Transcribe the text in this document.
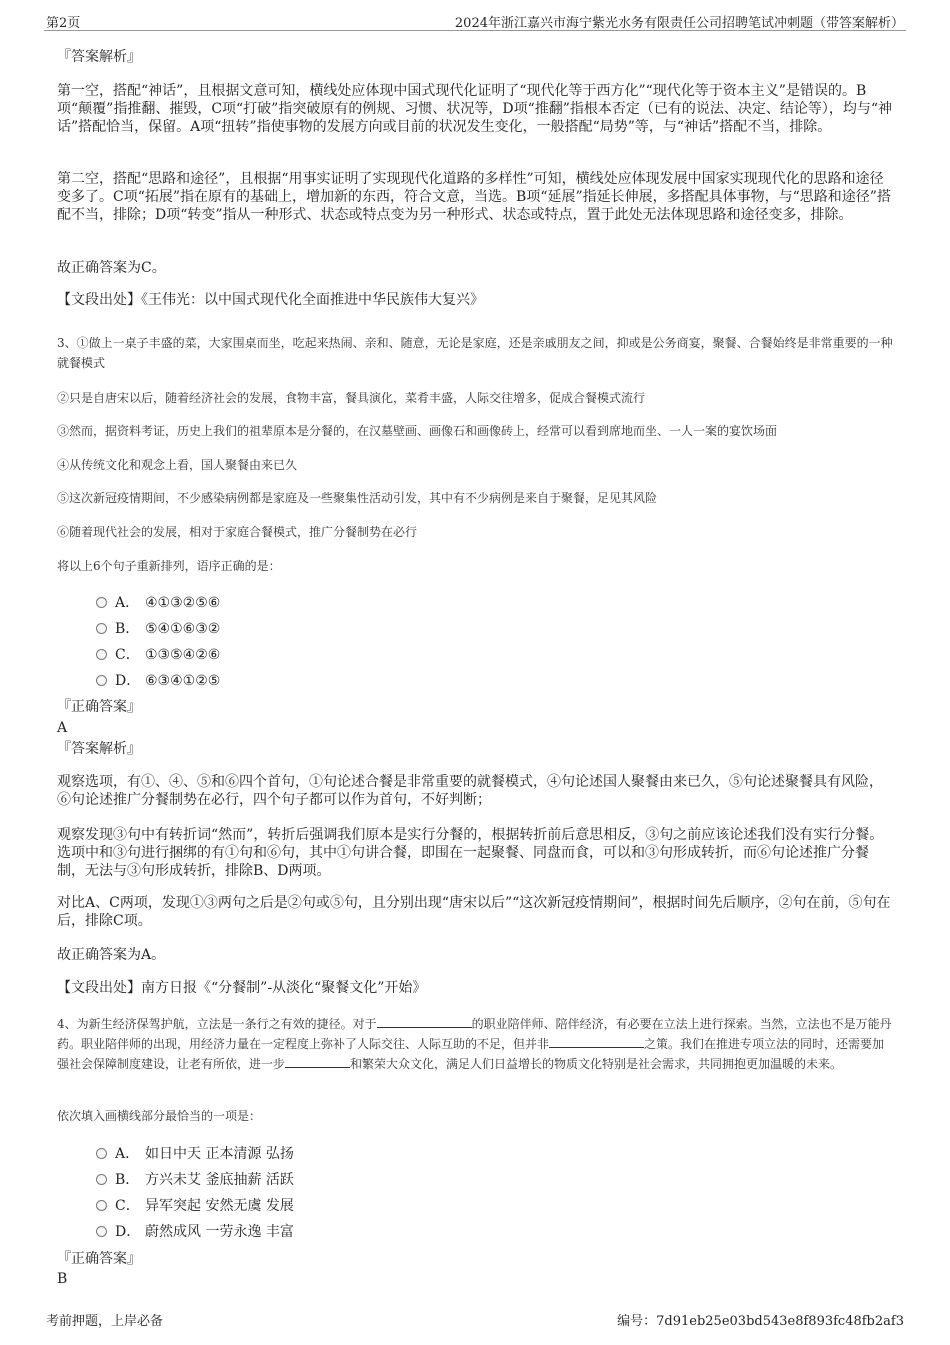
第2页	2024年浙江嘉兴市海宁紫光水务有限责任公司招聘笔试冲刺题（带答案解析）
『答案解析』
第一空，搭配“神话”，且根据文意可知，横线处应体现中国式现代化证明了“现代化等于西方化”“现代化等于资本主义”是错误的。B项“颠覆”指推翻、摧毁，C项“打破”指突破原有的例规、习惯、状况等，D项“推翻”指根本否定（已有的说法、决定、结论等），均与“神话”搭配恰当，保留。A项“扭转”指使事物的发展方向或目前的状况发生变化，一般搭配“局势”等，与“神话”搭配不当，排除。
第二空，搭配“思路和途径”，且根据“用事实证明了实现现代化道路的多样性”可知，横线处应体现发展中国家实现现代化的思路和途径变多了。C项“拓展”指在原有的基础上，增加新的东西，符合文意，当选。B项“延展”指延长伸展，多搭配具体事物，与“思路和途径”搭配不当，排除；D项“转变”指从一种形式、状态或特点变为另一种形式、状态或特点，置于此处无法体现思路和途径变多，排除。
故正确答案为C。
【文段出处】《王伟光：以中国式现代化全面推进中华民族伟大复兴》
3、①做上一桌子丰盛的菜，大家围桌而坐，吃起来热闹、亲和、随意，无论是家庭，还是亲戚朋友之间，抑或是公务商宴，聚餐、合餐始终是非常重要的一种就餐模式
②只是自唐宋以后，随着经济社会的发展，食物丰富，餐具演化，菜肴丰盛，人际交往增多，促成合餐模式流行
③然而，据资料考证，历史上我们的祖辈原本是分餐的，在汉墓壁画、画像石和画像砖上，经常可以看到席地而坐、一人一案的宴饮场面
④从传统文化和观念上看，国人聚餐由来已久
⑤这次新冠疫情期间，不少感染病例都是家庭及一些聚集性活动引发，其中有不少病例是来自于聚餐，足见其风险
⑥随着现代社会的发展，相对于家庭合餐模式，推广分餐制势在必行
将以上6个句子重新排列，语序正确的是：
A． ④①③②⑤⑥
B. ⑤④①⑥③②
C． ①③⑤④②⑥
D． ⑥③④①②⑤
『正确答案』
A
『答案解析』
观察选项，有①、④、⑤和⑥四个首句，①句论述合餐是非常重要的就餐模式，④句论述国人聚餐由来已久，⑤句论述聚餐具有风险，⑥句论述推广分餐制势在必行，四个句子都可以作为首句，不好判断；
观察发现③句中有转折词“然而”，转折后强调我们原本是实行分餐的，根据转折前后意思相反，③句之前应该论述我们没有实行分餐。选项中和③句进行捆绑的有①句和⑥句，其中①句讲合餐，即围在一起聚餐、同盘而食，可以和③句形成转折，而⑥句论述推广分餐制，无法与③句形成转折，排除B、D两项。
对比A、C两项，发现①③两句之后是②句或⑤句，且分别出现“唐宋以后”“这次新冠疫情期间”，根据时间先后顺序，②句在前，⑤句在后，排除C项。
故正确答案为A。
【文段出处】南方日报《“分餐制”-从淡化“聚餐文化”开始》
4、为新生经济保驾护航，立法是一条行之有效的捷径。对于	的职业陪伴师、陪伴经济，有必要在立法上进行探索。当然，立法也不是万能丹药。职业陪伴师的出现，用经济力量在一定程度上弥补了人际交往、人际互助的不足，但并非	之策。我们在推进专项立法的同时，还需要加强社会保障制度建设，让老有所依，进一步	和繁荣大众文化，满足人们日益增长的物质文化特别是社会需求，共同拥抱更加温暖的未来。
依次填入画横线部分最恰当的一项是：
A． 如日中天 正本清源 弘扬
B． 方兴未艾 釜底抽薪 活跃
C． 异军突起 安然无虞 发展
D． 蔚然成风 一劳永逸 丰富
『正确答案』
B
考前押题，上岸必备	编号：7d91eb25e03bd543e8f893fc48fb2af3
